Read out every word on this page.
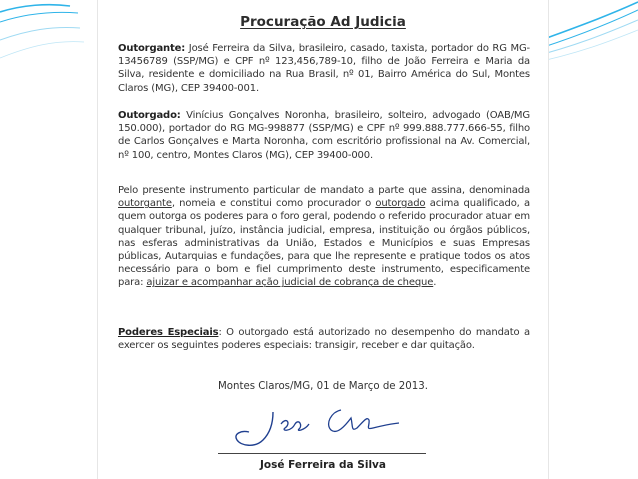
Procuração Ad Judicia

Outorgante: José Ferreira da Silva, brasileiro, casado, taxista, portador do RG MG-13456789 (SSP/MG) e CPF nº 123,456,789-10, filho de João Ferreira e Maria da Silva, residente e domiciliado na Rua Brasil, nº 01, Bairro América do Sul, Montes Claros (MG), CEP 39400-001.

Outorgado: Vinícius Gonçalves Noronha, brasileiro, solteiro, advogado (OAB/MG 150.000), portador do RG MG-998877 (SSP/MG) e CPF nº 999.888.777.666-55, filho de Carlos Gonçalves e Marta Noronha, com escritório profissional na Av. Comercial, nº 100, centro, Montes Claros (MG), CEP 39400-000.

Pelo presente instrumento particular de mandato a parte que assina, denominada outorgante, nomeia e constitui como procurador o outorgado acima qualificado, a quem outorga os poderes para o foro geral, podendo o referido procurador atuar em qualquer tribunal, juízo, instância judicial, empresa, instituição ou órgãos públicos, nas esferas administrativas da União, Estados e Municípios e suas Empresas públicas, Autarquias e fundações, para que lhe represente e pratique todos os atos necessário para o bom e fiel cumprimento deste instrumento, especificamente para: ajuizar e acompanhar ação judicial de cobrança de cheque.

Poderes Especiais: O outorgado está autorizado no desempenho do mandato a exercer os seguintes poderes especiais: transigir, receber e dar quitação.

Montes Claros/MG, 01 de Março de 2013.
José Ferreira da Silva
